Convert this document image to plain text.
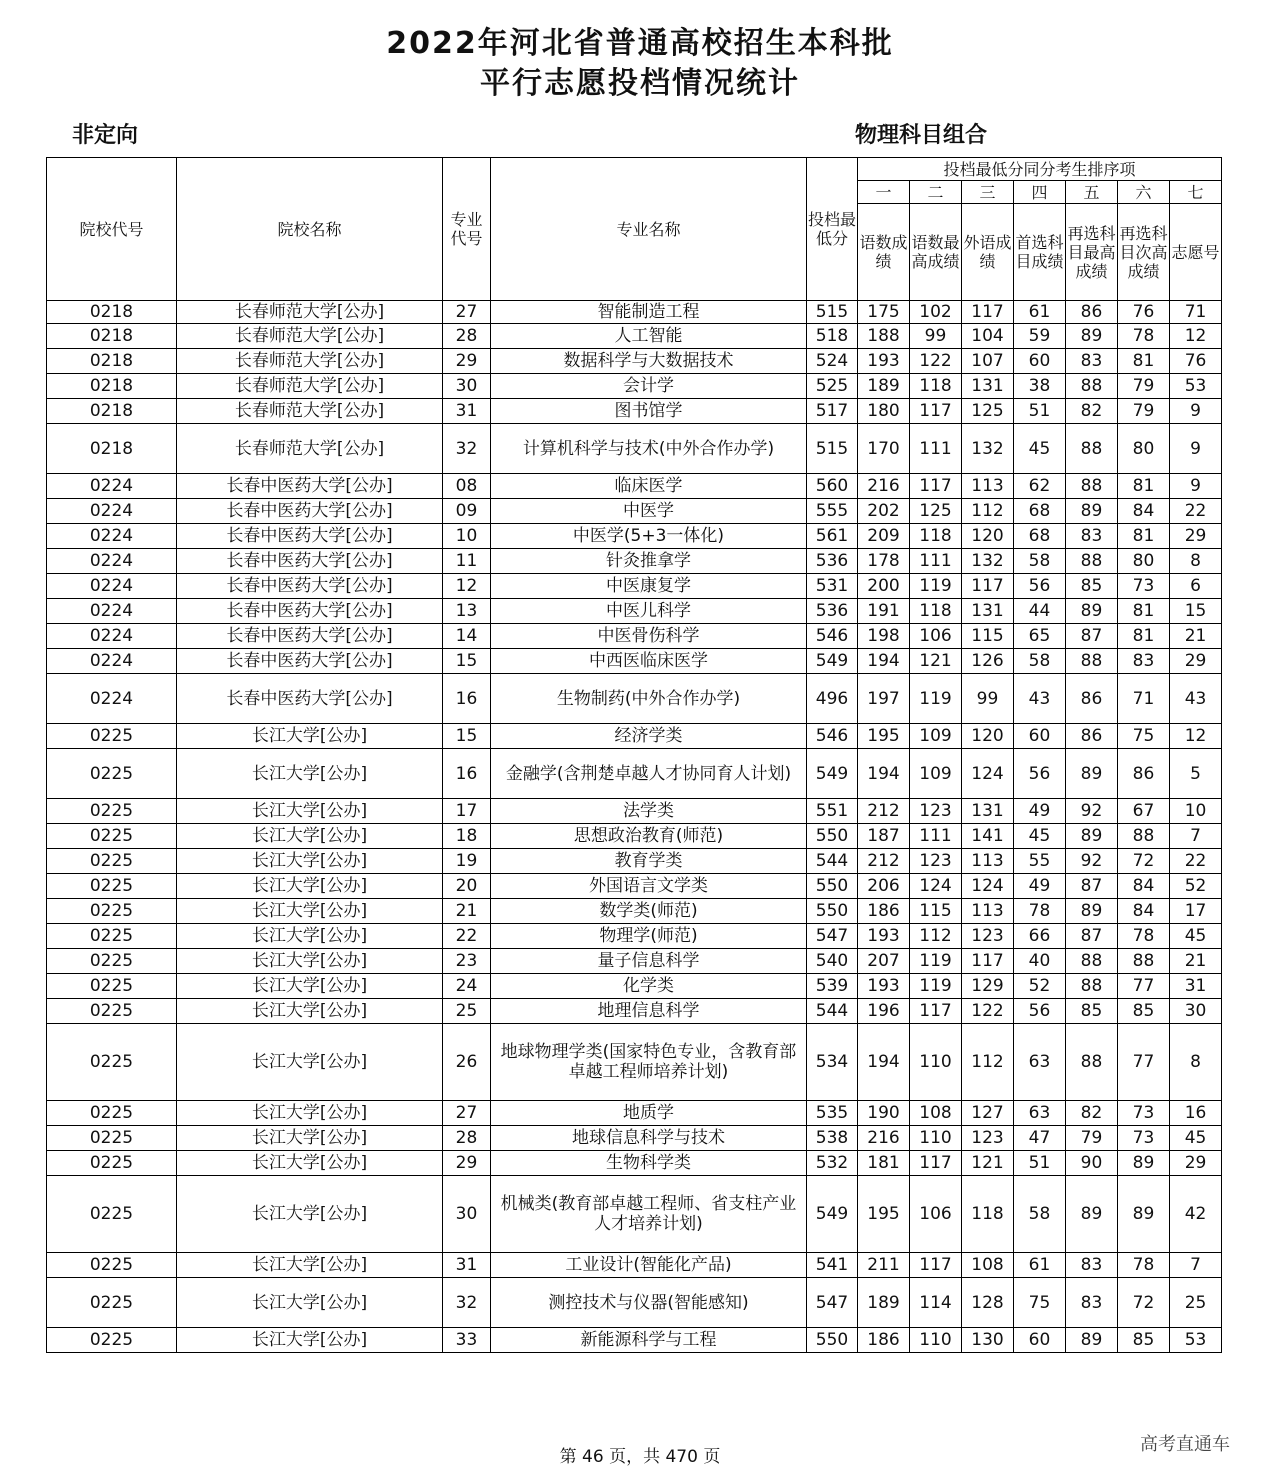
2022年河北省普通高校招生本科批
平行志愿投档情况统计
非定向	物理科目组合
院校代号	院校名称	专业代号	专业名称	投档最低分	投档最低分同分考生排序项						
					一	二	三	四	五	六	七
					语数成绩	语数最高成绩	外语成绩	首选科目成绩	再选科目最高成绩	再选科目次高成绩	志愿号
0218	长春师范大学[公办]	27	智能制造工程	515	175	102	117	61	86	76	71
0218	长春师范大学[公办]	28	人工智能	518	188	99	104	59	89	78	12
0218	长春师范大学[公办]	29	数据科学与大数据技术	524	193	122	107	60	83	81	76
0218	长春师范大学[公办]	30	会计学	525	189	118	131	38	88	79	53
0218	长春师范大学[公办]	31	图书馆学	517	180	117	125	51	82	79	9
0218	长春师范大学[公办]	32	计算机科学与技术(中外合作办学)	515	170	111	132	45	88	80	9
0224	长春中医药大学[公办]	08	临床医学	560	216	117	113	62	88	81	9
0224	长春中医药大学[公办]	09	中医学	555	202	125	112	68	89	84	22
0224	长春中医药大学[公办]	10	中医学(5+3一体化)	561	209	118	120	68	83	81	29
0224	长春中医药大学[公办]	11	针灸推拿学	536	178	111	132	58	88	80	8
0224	长春中医药大学[公办]	12	中医康复学	531	200	119	117	56	85	73	6
0224	长春中医药大学[公办]	13	中医儿科学	536	191	118	131	44	89	81	15
0224	长春中医药大学[公办]	14	中医骨伤科学	546	198	106	115	65	87	81	21
0224	长春中医药大学[公办]	15	中西医临床医学	549	194	121	126	58	88	83	29
0224	长春中医药大学[公办]	16	生物制药(中外合作办学)	496	197	119	99	43	86	71	43
0225	长江大学[公办]	15	经济学类	546	195	109	120	60	86	75	12
0225	长江大学[公办]	16	金融学(含荆楚卓越人才协同育人计划)	549	194	109	124	56	89	86	5
0225	长江大学[公办]	17	法学类	551	212	123	131	49	92	67	10
0225	长江大学[公办]	18	思想政治教育(师范)	550	187	111	141	45	89	88	7
0225	长江大学[公办]	19	教育学类	544	212	123	113	55	92	72	22
0225	长江大学[公办]	20	外国语言文学类	550	206	124	124	49	87	84	52
0225	长江大学[公办]	21	数学类(师范)	550	186	115	113	78	89	84	17
0225	长江大学[公办]	22	物理学(师范)	547	193	112	123	66	87	78	45
0225	长江大学[公办]	23	量子信息科学	540	207	119	117	40	88	88	21
0225	长江大学[公办]	24	化学类	539	193	119	129	52	88	77	31
0225	长江大学[公办]	25	地理信息科学	544	196	117	122	56	85	85	30
0225	长江大学[公办]	26	地球物理学类(国家特色专业，含教育部卓越工程师培养计划)	534	194	110	112	63	88	77	8
0225	长江大学[公办]	27	地质学	535	190	108	127	63	82	73	16
0225	长江大学[公办]	28	地球信息科学与技术	538	216	110	123	47	79	73	45
0225	长江大学[公办]	29	生物科学类	532	181	117	121	51	90	89	29
0225	长江大学[公办]	30	机械类(教育部卓越工程师、省支柱产业人才培养计划)	549	195	106	118	58	89	89	42
0225	长江大学[公办]	31	工业设计(智能化产品)	541	211	117	108	61	83	78	7
0225	长江大学[公办]	32	测控技术与仪器(智能感知)	547	189	114	128	75	83	72	25
0225	长江大学[公办]	33	新能源科学与工程	550	186	110	130	60	89	85	53
第 46 页，共 470 页
高考直通车
